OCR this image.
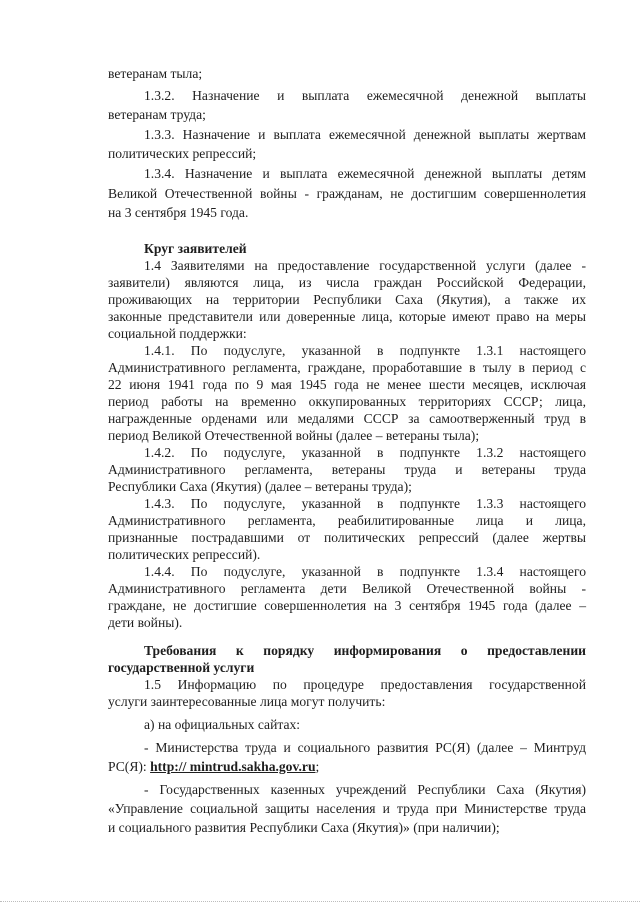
ветеранам тыла;
1.3.2. Назначение и выплата ежемесячной денежной выплаты
ветеранам труда;
1.3.3. Назначение и выплата ежемесячной денежной выплаты жертвам
политических репрессий;
1.3.4. Назначение и выплата ежемесячной денежной выплаты детям
Великой Отечественной войны - гражданам, не достигшим совершеннолетия
на 3 сентября 1945 года.
Круг заявителей
1.4 Заявителями на предоставление государственной услуги (далее -
заявители) являются лица, из числа граждан Российской Федерации,
проживающих на территории Республики Саха (Якутия), а также их
законные представители или доверенные лица, которые имеют право на меры
социальной поддержки:
1.4.1. По подуслуге, указанной в подпункте 1.3.1 настоящего
Административного регламента, граждане, проработавшие в тылу в период с
22 июня 1941 года по 9 мая 1945 года не менее шести месяцев, исключая
период работы на временно оккупированных территориях СССР; лица,
награжденные орденами или медалями СССР за самоотверженный труд в
период Великой Отечественной войны (далее – ветераны тыла);
1.4.2. По подуслуге, указанной в подпункте 1.3.2 настоящего
Административного регламента, ветераны труда и ветераны труда
Республики Саха (Якутия) (далее – ветераны труда);
1.4.3. По подуслуге, указанной в подпункте 1.3.3 настоящего
Административного регламента, реабилитированные лица и лица,
признанные пострадавшими от политических репрессий (далее жертвы
политических репрессий).
1.4.4. По подуслуге, указанной в подпункте 1.3.4 настоящего
Административного регламента дети Великой Отечественной войны -
граждане, не достигшие совершеннолетия на 3 сентября 1945 года (далее –
дети войны).
Требования к порядку информирования о предоставлении
государственной услуги
1.5 Информацию по процедуре предоставления государственной
услуги заинтересованные лица могут получить:
а) на официальных сайтах:
- Министерства труда и социального развития РС(Я) (далее – Минтруд
РС(Я): http:// mintrud.sakha.gov.ru;
- Государственных казенных учреждений Республики Саха (Якутия)
«Управление социальной защиты населения и труда при Министерстве труда
и социального развития Республики Саха (Якутия)» (при наличии);
